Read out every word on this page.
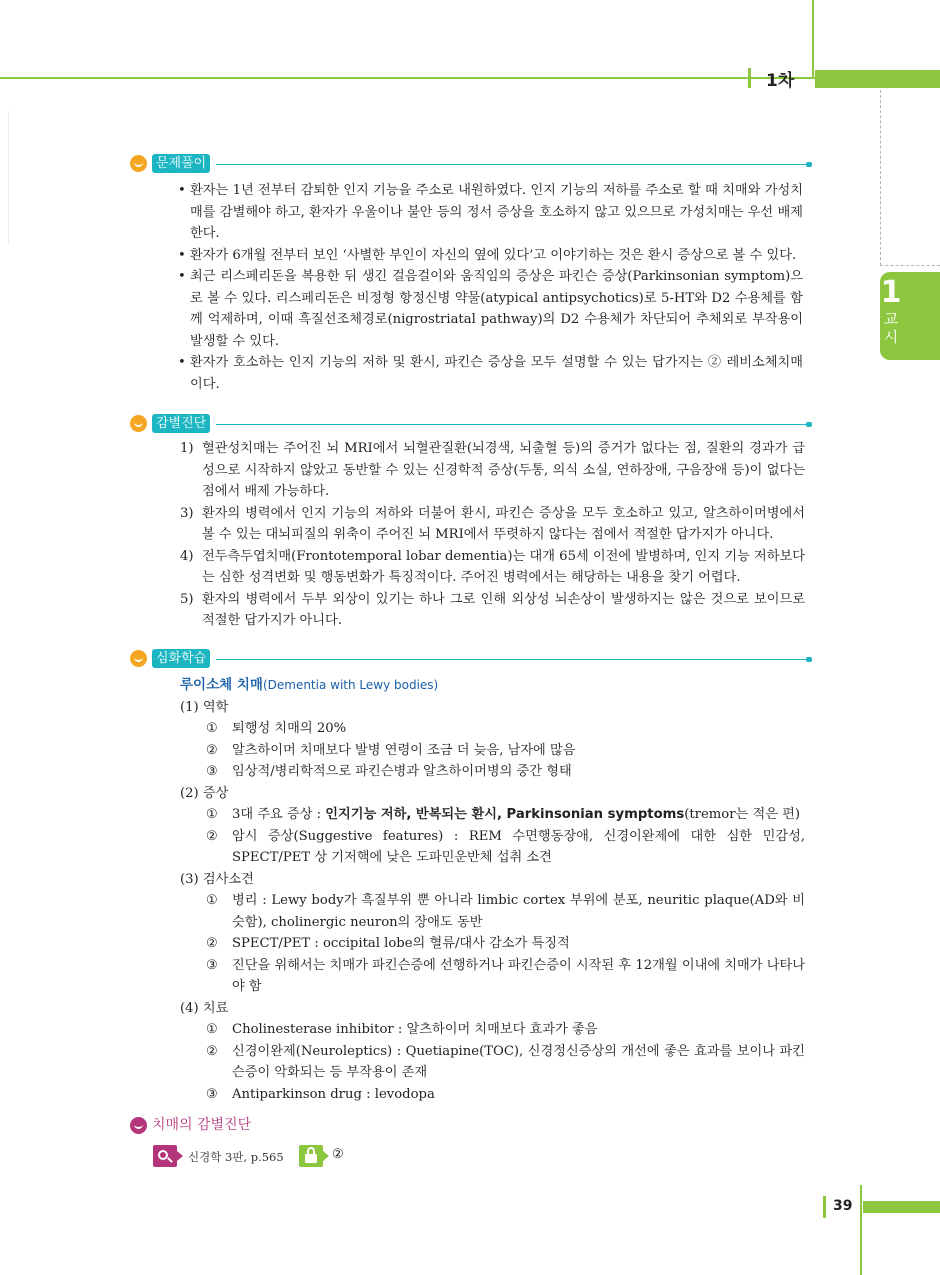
1차
1
교
시
문제풀이
• 환자는 1년 전부터 감퇴한 인지 기능을 주소로 내원하였다. 인지 기능의 저하를 주소로 할 때 치매와 가성치매를 감별해야 하고, 환자가 우울이나 불안 등의 정서 증상을 호소하지 않고 있으므로 가성치매는 우선 배제한다.
• 환자가 6개월 전부터 보인 ‘사별한 부인이 자신의 옆에 있다’고 이야기하는 것은 환시 증상으로 볼 수 있다.
• 최근 리스페리돈을 복용한 뒤 생긴 걸음걸이와 움직임의 증상은 파킨슨 증상(Parkinsonian symptom)으로 볼 수 있다. 리스페리돈은 비정형 항정신병 약물(atypical antipsychotics)로 5-HT와 D2 수용체를 함께 억제하며, 이때 흑질선조체경로(nigrostriatal pathway)의 D2 수용체가 차단되어 추체외로 부작용이 발생할 수 있다.
• 환자가 호소하는 인지 기능의 저하 및 환시, 파킨슨 증상을 모두 설명할 수 있는 답가지는 ② 레비소체치매이다.
감별진단
1) 혈관성치매는 주어진 뇌 MRI에서 뇌혈관질환(뇌경색, 뇌출혈 등)의 증거가 없다는 점, 질환의 경과가 급성으로 시작하지 않았고 동반할 수 있는 신경학적 증상(두통, 의식 소실, 연하장애, 구음장애 등)이 없다는 점에서 배제 가능하다.
3) 환자의 병력에서 인지 기능의 저하와 더불어 환시, 파킨슨 증상을 모두 호소하고 있고, 알츠하이머병에서 볼 수 있는 대뇌피질의 위축이 주어진 뇌 MRI에서 뚜렷하지 않다는 점에서 적절한 답가지가 아니다.
4) 전두측두엽치매(Frontotemporal lobar dementia)는 대개 65세 이전에 발병하며, 인지 기능 저하보다는 심한 성격변화 및 행동변화가 특징적이다. 주어진 병력에서는 해당하는 내용을 찾기 어렵다.
5) 환자의 병력에서 두부 외상이 있기는 하나 그로 인해 외상성 뇌손상이 발생하지는 않은 것으로 보이므로 적절한 답가지가 아니다.
심화학습
루이소체 치매(Dementia with Lewy bodies)
(1) 역학
① 퇴행성 치매의 20%
② 알츠하이머 치매보다 발병 연령이 조금 더 늦음, 남자에 많음
③ 임상적/병리학적으로 파킨슨병과 알츠하이머병의 중간 형태
(2) 증상
① 3대 주요 증상 : 인지기능 저하, 반복되는 환시, Parkinsonian symptoms(tremor는 적은 편)
② 암시 증상(Suggestive features) : REM 수면행동장애, 신경이완제에 대한 심한 민감성, SPECT/PET 상 기저핵에 낮은 도파민운반체 섭취 소견
(3) 검사소견
① 병리 : Lewy body가 흑질부위 뿐 아니라 limbic cortex 부위에 분포, neuritic plaque(AD와 비슷함), cholinergic neuron의 장애도 동반
② SPECT/PET : occipital lobe의 혈류/대사 감소가 특징적
③ 진단을 위해서는 치매가 파킨슨증에 선행하거나 파킨슨증이 시작된 후 12개월 이내에 치매가 나타나야 함
(4) 치료
① Cholinesterase inhibitor : 알츠하이머 치매보다 효과가 좋음
② 신경이완제(Neuroleptics) : Quetiapine(TOC), 신경정신증상의 개선에 좋은 효과를 보이나 파킨슨증이 악화되는 등 부작용이 존재
③ Antiparkinson drug : levodopa
치매의 감별진단
신경학 3판, p.565	②
39
